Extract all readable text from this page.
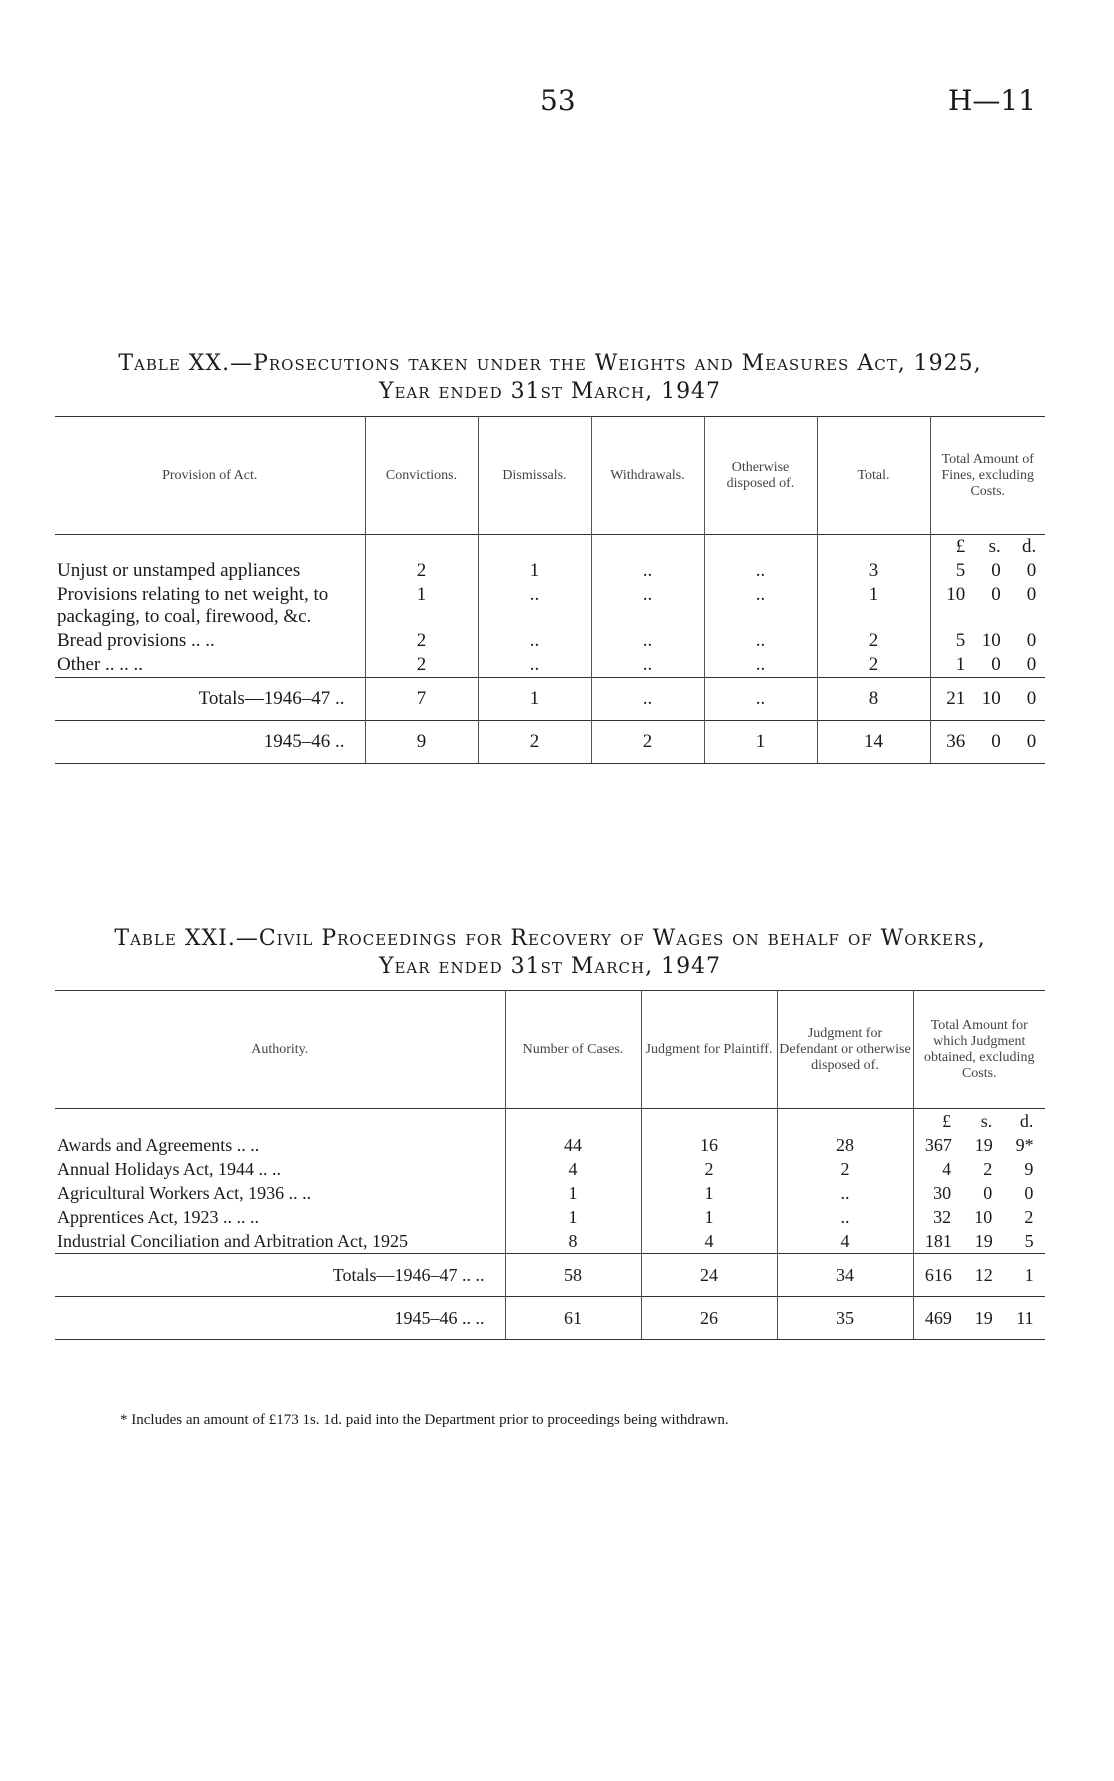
53	H—11
Table XX.—Prosecutions taken under the Weights and Measures Act, 1925,
Year ended 31st March, 1947
Provision of Act.	Convictions.	Dismissals.	Withdrawals.	Otherwise disposed of.	Total.	Total Amount of Fines, excluding Costs.

						£ s. d.

Unjust or unstamped appliances	2	1	..	..	3	5 0 0

Provisions relating to net weight, to packaging, to coal, firewood, &c.	1	..	..	..	1	10 0 0

Bread provisions .. ..	2	..	..	..	2	5 10 0

Other .. .. ..	2	..	..	..	2	1 0 0

Totals—1946–47 ..	7	1	..	..	8	21 10 0

1945–46 ..	9	2	2	1	14	36 0 0
Table XXI.—Civil Proceedings for Recovery of Wages on behalf of Workers,
Year ended 31st March, 1947
Authority.	Number of Cases.	Judgment for Plaintiff.	Judgment for Defendant or otherwise disposed of.	Total Amount for which Judgment obtained, excluding Costs.

				£ s. d.

Awards and Agreements .. ..	44	16	28	367 19 9*

Annual Holidays Act, 1944 .. ..	4	2	2	4 2 9

Agricultural Workers Act, 1936 .. ..	1	1	..	30 0 0

Apprentices Act, 1923 .. .. ..	1	1	..	32 10 2

Industrial Conciliation and Arbitration Act, 1925	8	4	4	181 19 5

Totals—1946–47 .. ..	58	24	34	616 12 1

1945–46 .. ..	61	26	35	469 19 11
* Includes an amount of £173 1s. 1d. paid into the Department prior to proceedings being withdrawn.
